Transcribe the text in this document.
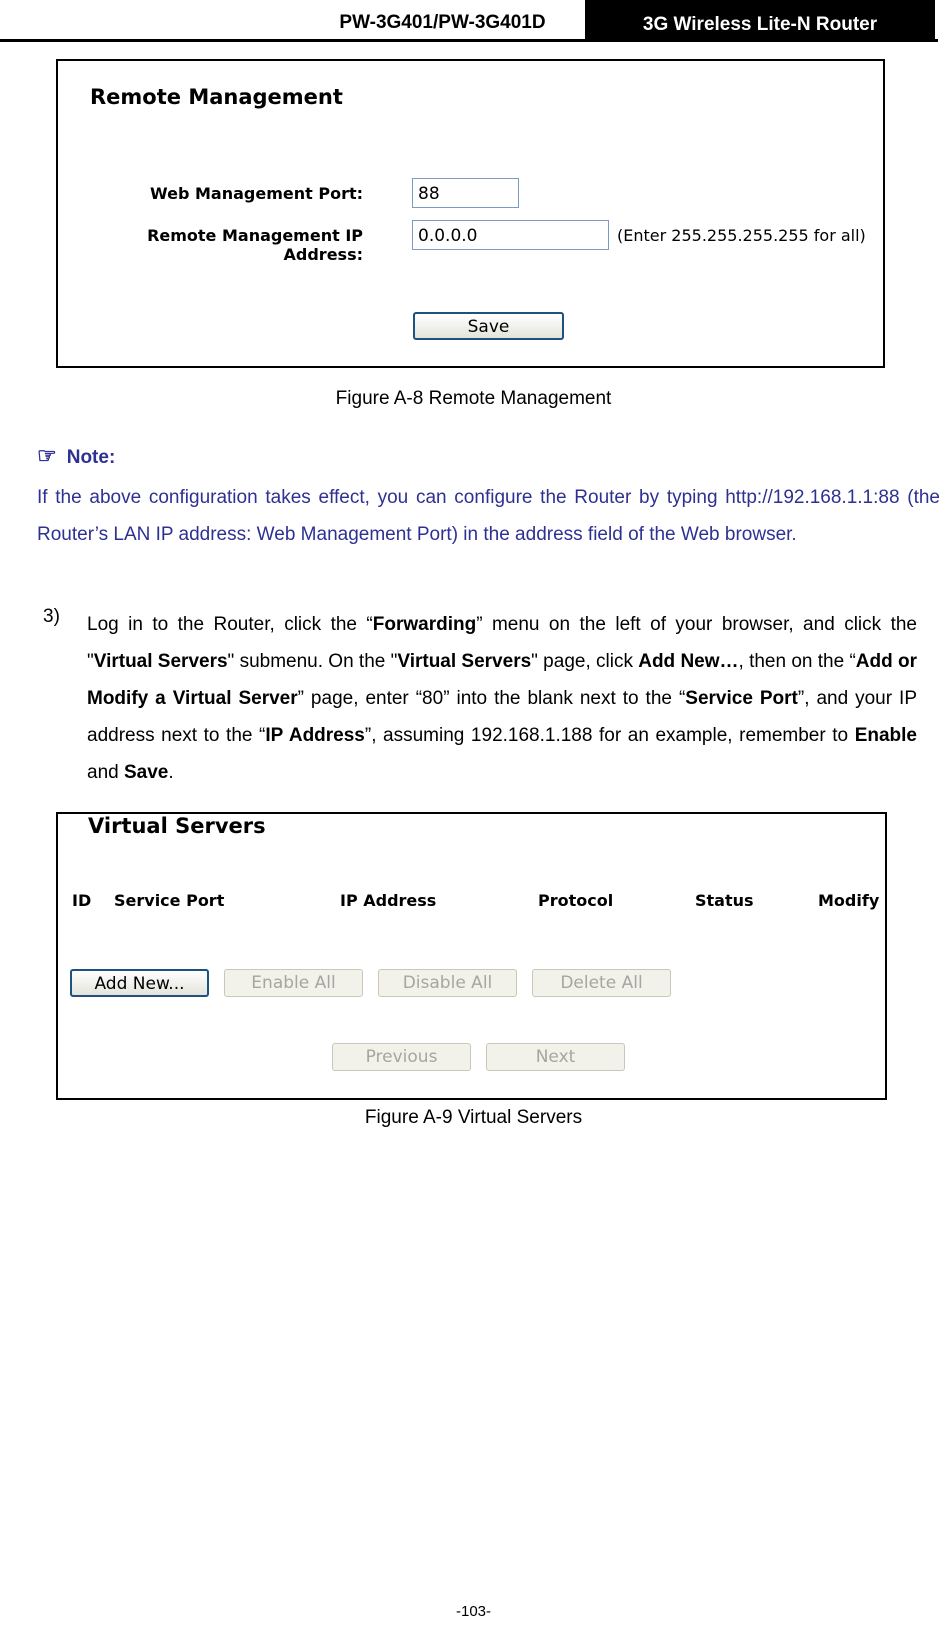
PW-3G401/PW-3G401D	3G Wireless Lite-N Router
Remote Management
Web Management Port:	88
Remote Management IP Address:
0.0.0.0	(Enter 255.255.255.255 for all)
Save
Figure A-8 Remote Management
☞ Note:
If the above configuration takes effect, you can configure the Router by typing http://192.168.1.1:88 (the Router’s LAN IP address: Web Management Port) in the address field of the Web browser.
3) Log in to the Router, click the “Forwarding” menu on the left of your browser, and click the "Virtual Servers" submenu. On the "Virtual Servers" page, click Add New…, then on the “Add or Modify a Virtual Server” page, enter “80” into the blank next to the “Service Port”, and your IP address next to the “IP Address”, assuming 192.168.1.188 for an example, remember to Enable and Save.
Virtual Servers
ID Service Port	IP Address	Protocol	Status	Modify
Add New...	Enable All	Disable All	Delete All
Previous	Next
Figure A-9 Virtual Servers
-103-
